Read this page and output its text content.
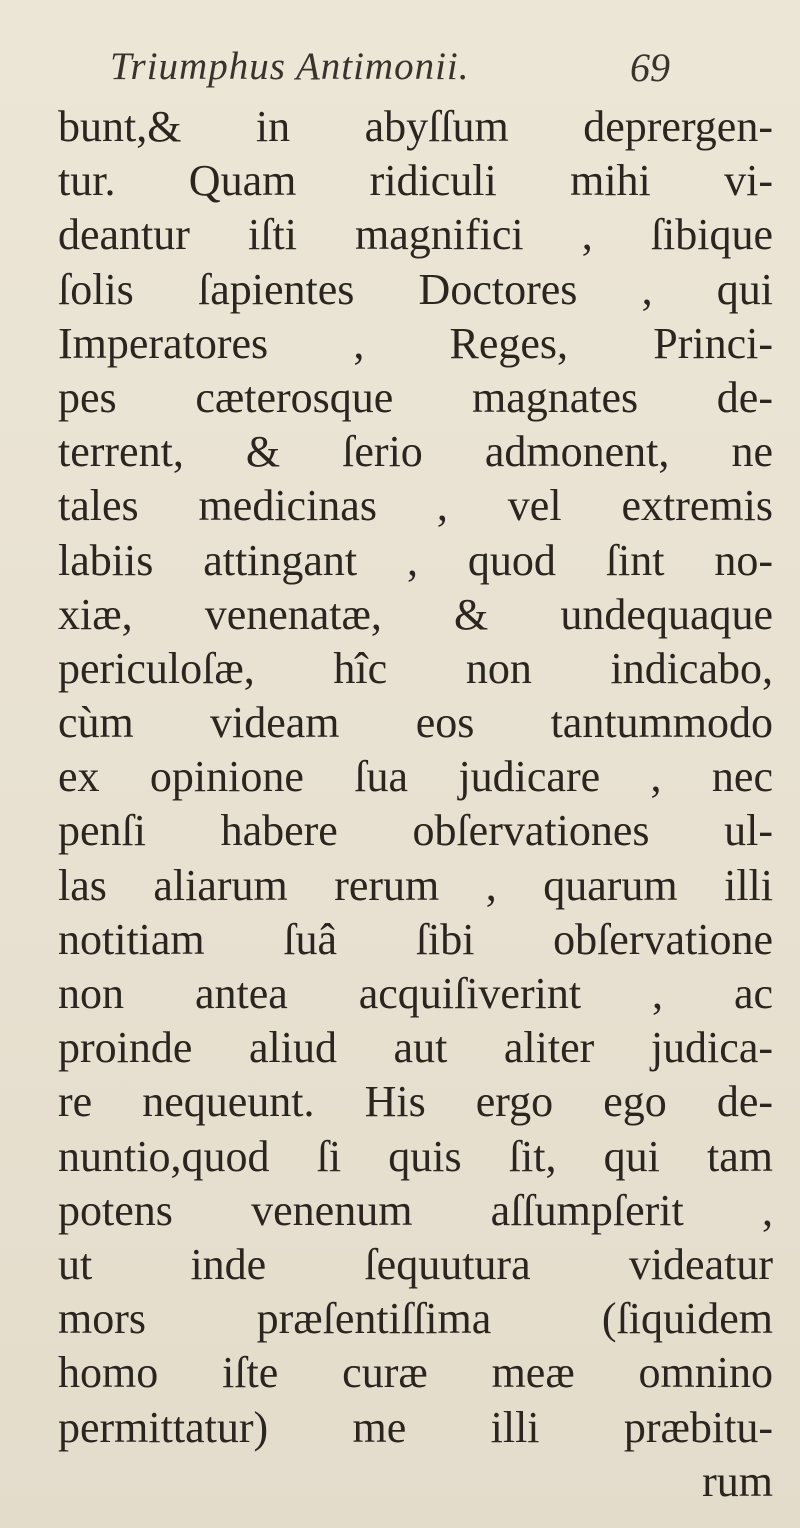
Triumphus Antimonii.	69
bunt,& in abyſſum deprergen-
tur. Quam ridiculi mihi vi-
deantur iſti magnifici , ſibique
ſolis ſapientes Doctores , qui
Imperatores , Reges, Princi-
pes cæterosque magnates de-
terrent, & ſerio admonent, ne
tales medicinas , vel extremis
labiis attingant , quod ſint no-
xiæ, venenatæ, & undequaque
periculoſæ, hîc non indicabo,
cùm videam eos tantummodo
ex opinione ſua judicare , nec
penſi habere obſervationes ul-
las aliarum rerum , quarum illi
notitiam ſuâ ſibi obſervatione
non antea acquiſiverint , ac
proinde aliud aut aliter judica-
re nequeunt. His ergo ego de-
nuntio,quod ſi quis ſit, qui tam
potens venenum aſſumpſerit ,
ut inde ſequutura videatur
mors præſentiſſima (ſiquidem
homo iſte curæ meæ omnino
permittatur) me illi præbitu-
rum
